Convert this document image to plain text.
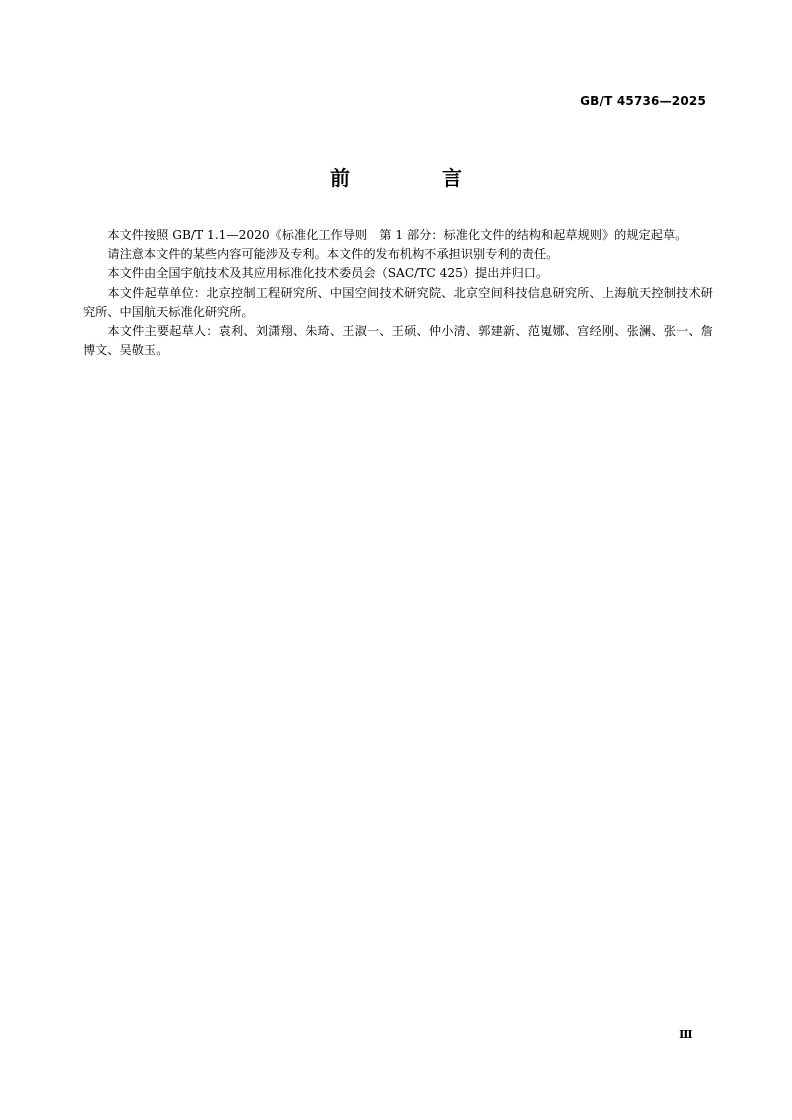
GB/T 45736—2025
前　言

本文件按照 GB/T 1.1—2020《标准化工作导则　第 1 部分：标准化文件的结构和起草规则》的规定起草。

请注意本文件的某些内容可能涉及专利。本文件的发布机构不承担识别专利的责任。

本文件由全国宇航技术及其应用标准化技术委员会（SAC/TC 425）提出并归口。

本文件起草单位：北京控制工程研究所、中国空间技术研究院、北京空间科技信息研究所、上海航天控制技术研究所、中国航天标准化研究所。

本文件主要起草人：袁利、刘潇翔、朱琦、王淑一、王硕、仲小清、郭建新、范嵬娜、宫经刚、张澜、张一、詹博文、吴敬玉。

Ⅲ
